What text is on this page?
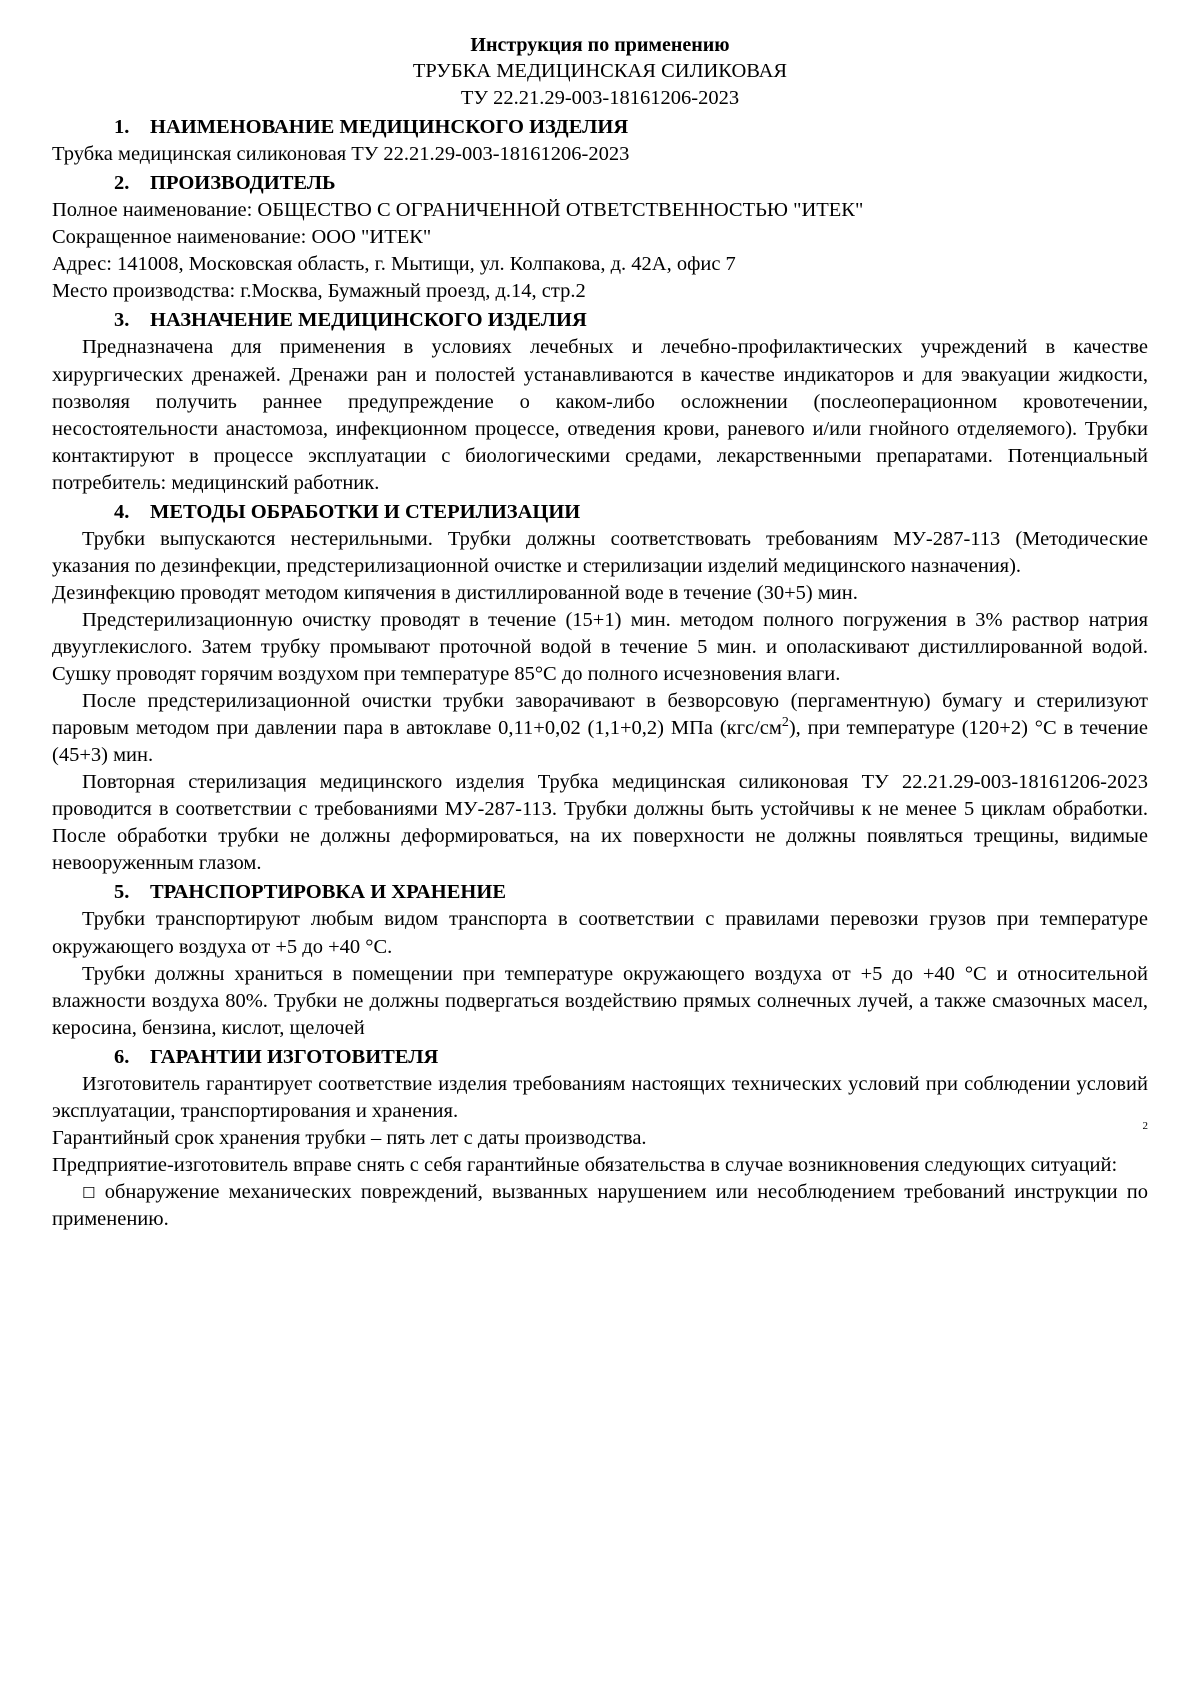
Инструкция по применению
ТРУБКА МЕДИЦИНСКАЯ СИЛИКОВАЯ
ТУ 22.21.29-003-18161206-2023
1. НАИМЕНОВАНИЕ МЕДИЦИНСКОГО ИЗДЕЛИЯ
Трубка медицинская силиконовая ТУ 22.21.29-003-18161206-2023
2. ПРОИЗВОДИТЕЛЬ
Полное наименование: ОБЩЕСТВО С ОГРАНИЧЕННОЙ ОТВЕТСТВЕННОСТЬЮ "ИТЕК"
Сокращенное наименование: ООО "ИТЕК"
Адрес: 141008, Московская область, г. Мытищи, ул. Колпакова, д. 42А, офис 7
Место производства: г.Москва, Бумажный проезд, д.14, стр.2
3. НАЗНАЧЕНИЕ МЕДИЦИНСКОГО ИЗДЕЛИЯ
Предназначена для применения в условиях лечебных и лечебно-профилактических учреждений в качестве хирургических дренажей. Дренажи ран и полостей устанавливаются в качестве индикаторов и для эвакуации жидкости, позволяя получить раннее предупреждение о каком-либо осложнении (послеоперационном кровотечении, несостоятельности анастомоза, инфекционном процессе, отведения крови, раневого и/или гнойного отделяемого). Трубки контактируют в процессе эксплуатации с биологическими средами, лекарственными препаратами. Потенциальный потребитель: медицинский работник.
4. МЕТОДЫ ОБРАБОТКИ И СТЕРИЛИЗАЦИИ
Трубки выпускаются нестерильными. Трубки должны соответствовать требованиям МУ-287-113 (Методические указания по дезинфекции, предстерилизационной очистке и стерилизации изделий медицинского назначения).
Дезинфекцию проводят методом кипячения в дистиллированной воде в течение (30+5) мин.
Предстерилизационную очистку проводят в течение (15+1) мин. методом полного погружения в 3% раствор натрия двууглекислого. Затем трубку промывают проточной водой в течение 5 мин. и ополаскивают дистиллированной водой. Сушку проводят горячим воздухом при температуре 85°С до полного исчезновения влаги.
После предстерилизационной очистки трубки заворачивают в безворсовую (пергаментную) бумагу и стерилизуют паровым методом при давлении пара в автоклаве 0,11+0,02 (1,1+0,2) МПа $(кгс/см^2)$, при температуре (120+2) °С в течение (45+3) мин.
Повторная стерилизация медицинского изделия Трубка медицинская силиконовая ТУ 22.21.29-003-18161206-2023 проводится в соответствии с требованиями МУ-287-113. Трубки должны быть устойчивы к не менее 5 циклам обработки. После обработки трубки не должны деформироваться, на их поверхности не должны появляться трещины, видимые невооруженным глазом.
5. ТРАНСПОРТИРОВКА И ХРАНЕНИЕ
Трубки транспортируют любым видом транспорта в соответствии с правилами перевозки грузов при температуре окружающего воздуха от +5 до +40 °С.
Трубки должны храниться в помещении при температуре окружающего воздуха от +5 до +40 °С и относительной влажности воздуха 80%. Трубки не должны подвергаться воздействию прямых солнечных лучей, а также смазочных масел, керосина, бензина, кислот, щелочей
6. ГАРАНТИИ ИЗГОТОВИТЕЛЯ
Изготовитель гарантирует соответствие изделия требованиям настоящих технических условий при соблюдении условий эксплуатации, транспортирования и хранения.
Гарантийный срок хранения трубки – пять лет с даты производства.
Предприятие-изготовитель вправе снять с себя гарантийные обязательства в случае возникновения следующих ситуаций:
☐ обнаружение механических повреждений, вызванных нарушением или несоблюдением требований инструкции по применению.
2
